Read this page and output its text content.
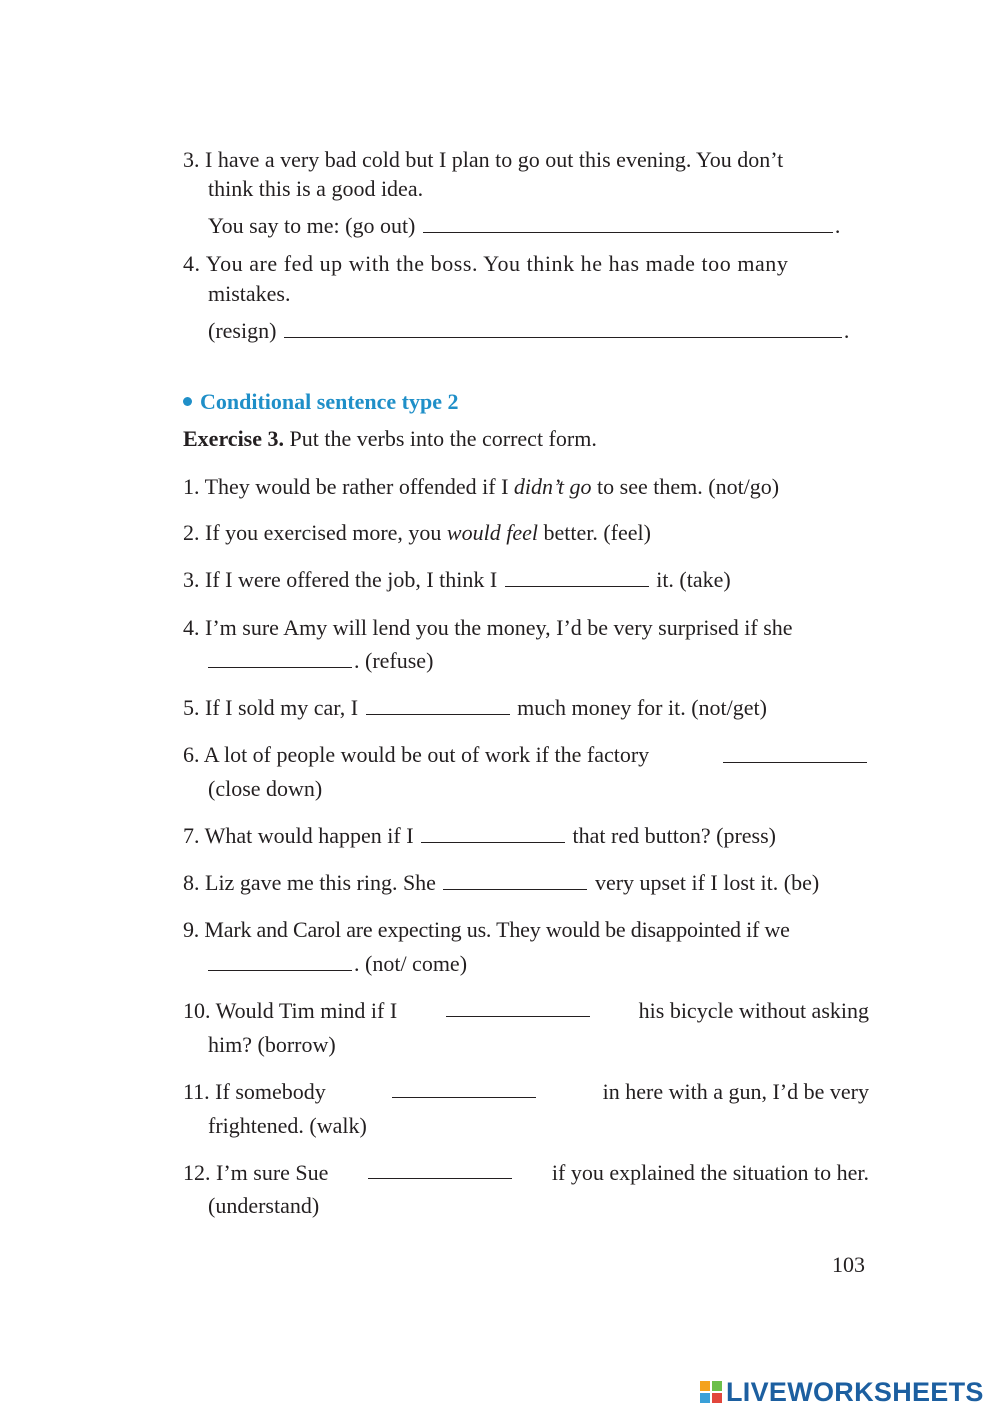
3. I have a very bad cold but I plan to go out this evening. You don’t
think this is a good idea.
You say to me: (go out)	.
4. You are fed up with the boss. You think he has made too many
mistakes.
(resign)	.
Conditional sentence type 2
Exercise 3. Put the verbs into the correct form.
1. They would be rather offended if I didn’t go to see them. (not/go)
2. If you exercised more, you would feel better. (feel)
3. If I were offered the job, I think I	it. (take)
4. I’m sure Amy will lend you the money, I’d be very surprised if she
. (refuse)
5. If I sold my car, I	much money for it. (not/get)
6. A lot of people would be out of work if the factory
(close down)
7. What would happen if I	that red button? (press)
8. Liz gave me this ring. She	very upset if I lost it. (be)
9. Mark and Carol are expecting us. They would be disappointed if we
. (not/ come)
10. Would Tim mind if I	his bicycle without asking
him? (borrow)
11. If somebody	in here with a gun, I’d be very
frightened. (walk)
12. I’m sure Sue	if you explained the situation to her.
(understand)
103
LIVEWORKSHEETS
